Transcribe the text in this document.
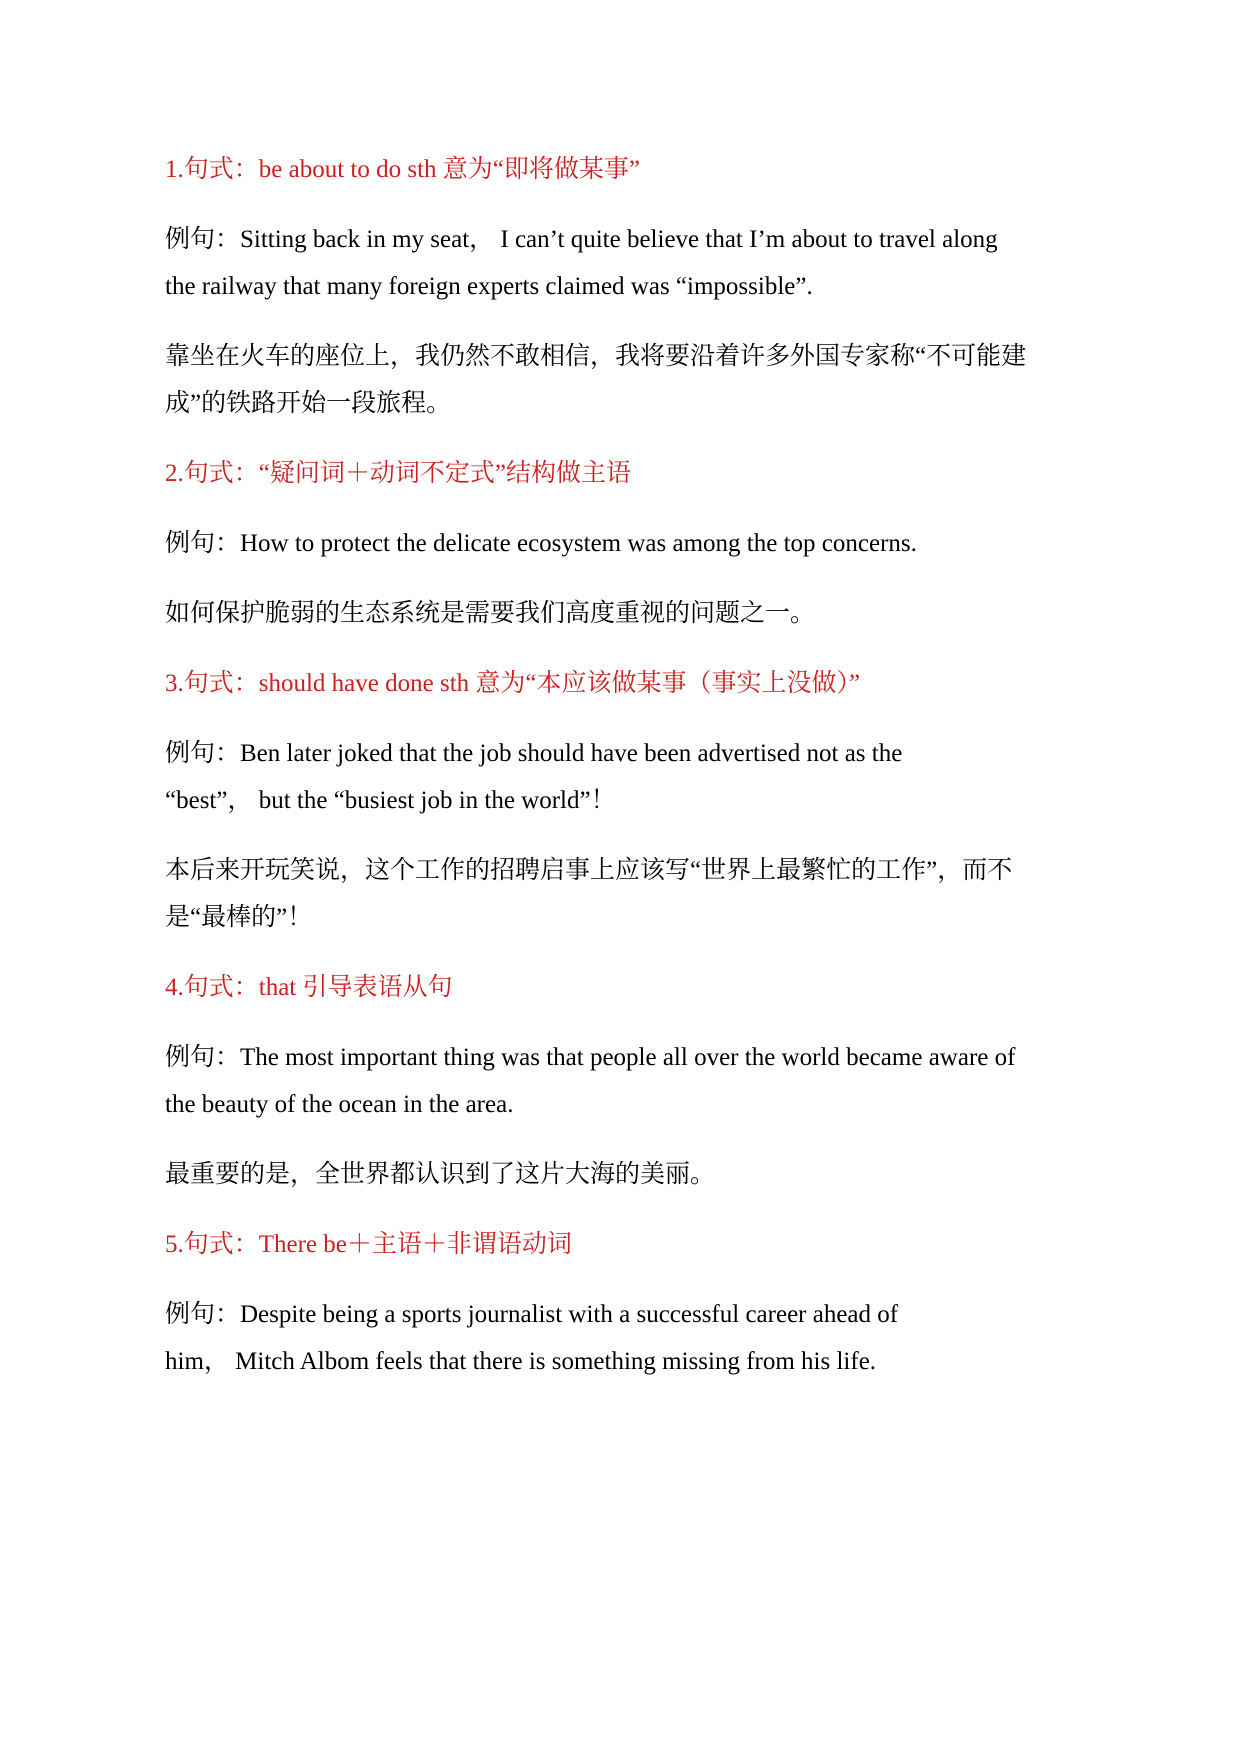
1.句式：be about to do sth 意为“即将做某事”

例句：Sitting back in my seat， I can’t quite believe that I’m about to travel along
the railway that many foreign experts claimed was “impossible”.

靠坐在火车的座位上，我仍然不敢相信，我将要沿着许多外国专家称“不可能建
成”的铁路开始一段旅程。

2.句式：“疑问词＋动词不定式”结构做主语

例句：How to protect the delicate ecosystem was among the top concerns.

如何保护脆弱的生态系统是需要我们高度重视的问题之一。

3.句式：should have done sth 意为“本应该做某事（事实上没做）”

例句：Ben later joked that the job should have been advertised not as the
“best”， but the “busiest job in the world”！

本后来开玩笑说，这个工作的招聘启事上应该写“世界上最繁忙的工作”，而不
是“最棒的”！

4.句式：that 引导表语从句

例句：The most important thing was that people all over the world became aware of
the beauty of the ocean in the area.

最重要的是，全世界都认识到了这片大海的美丽。

5.句式：There be＋主语＋非谓语动词

例句：Despite being a sports journalist with a successful career ahead of
him， Mitch Albom feels that there is something missing from his life.
